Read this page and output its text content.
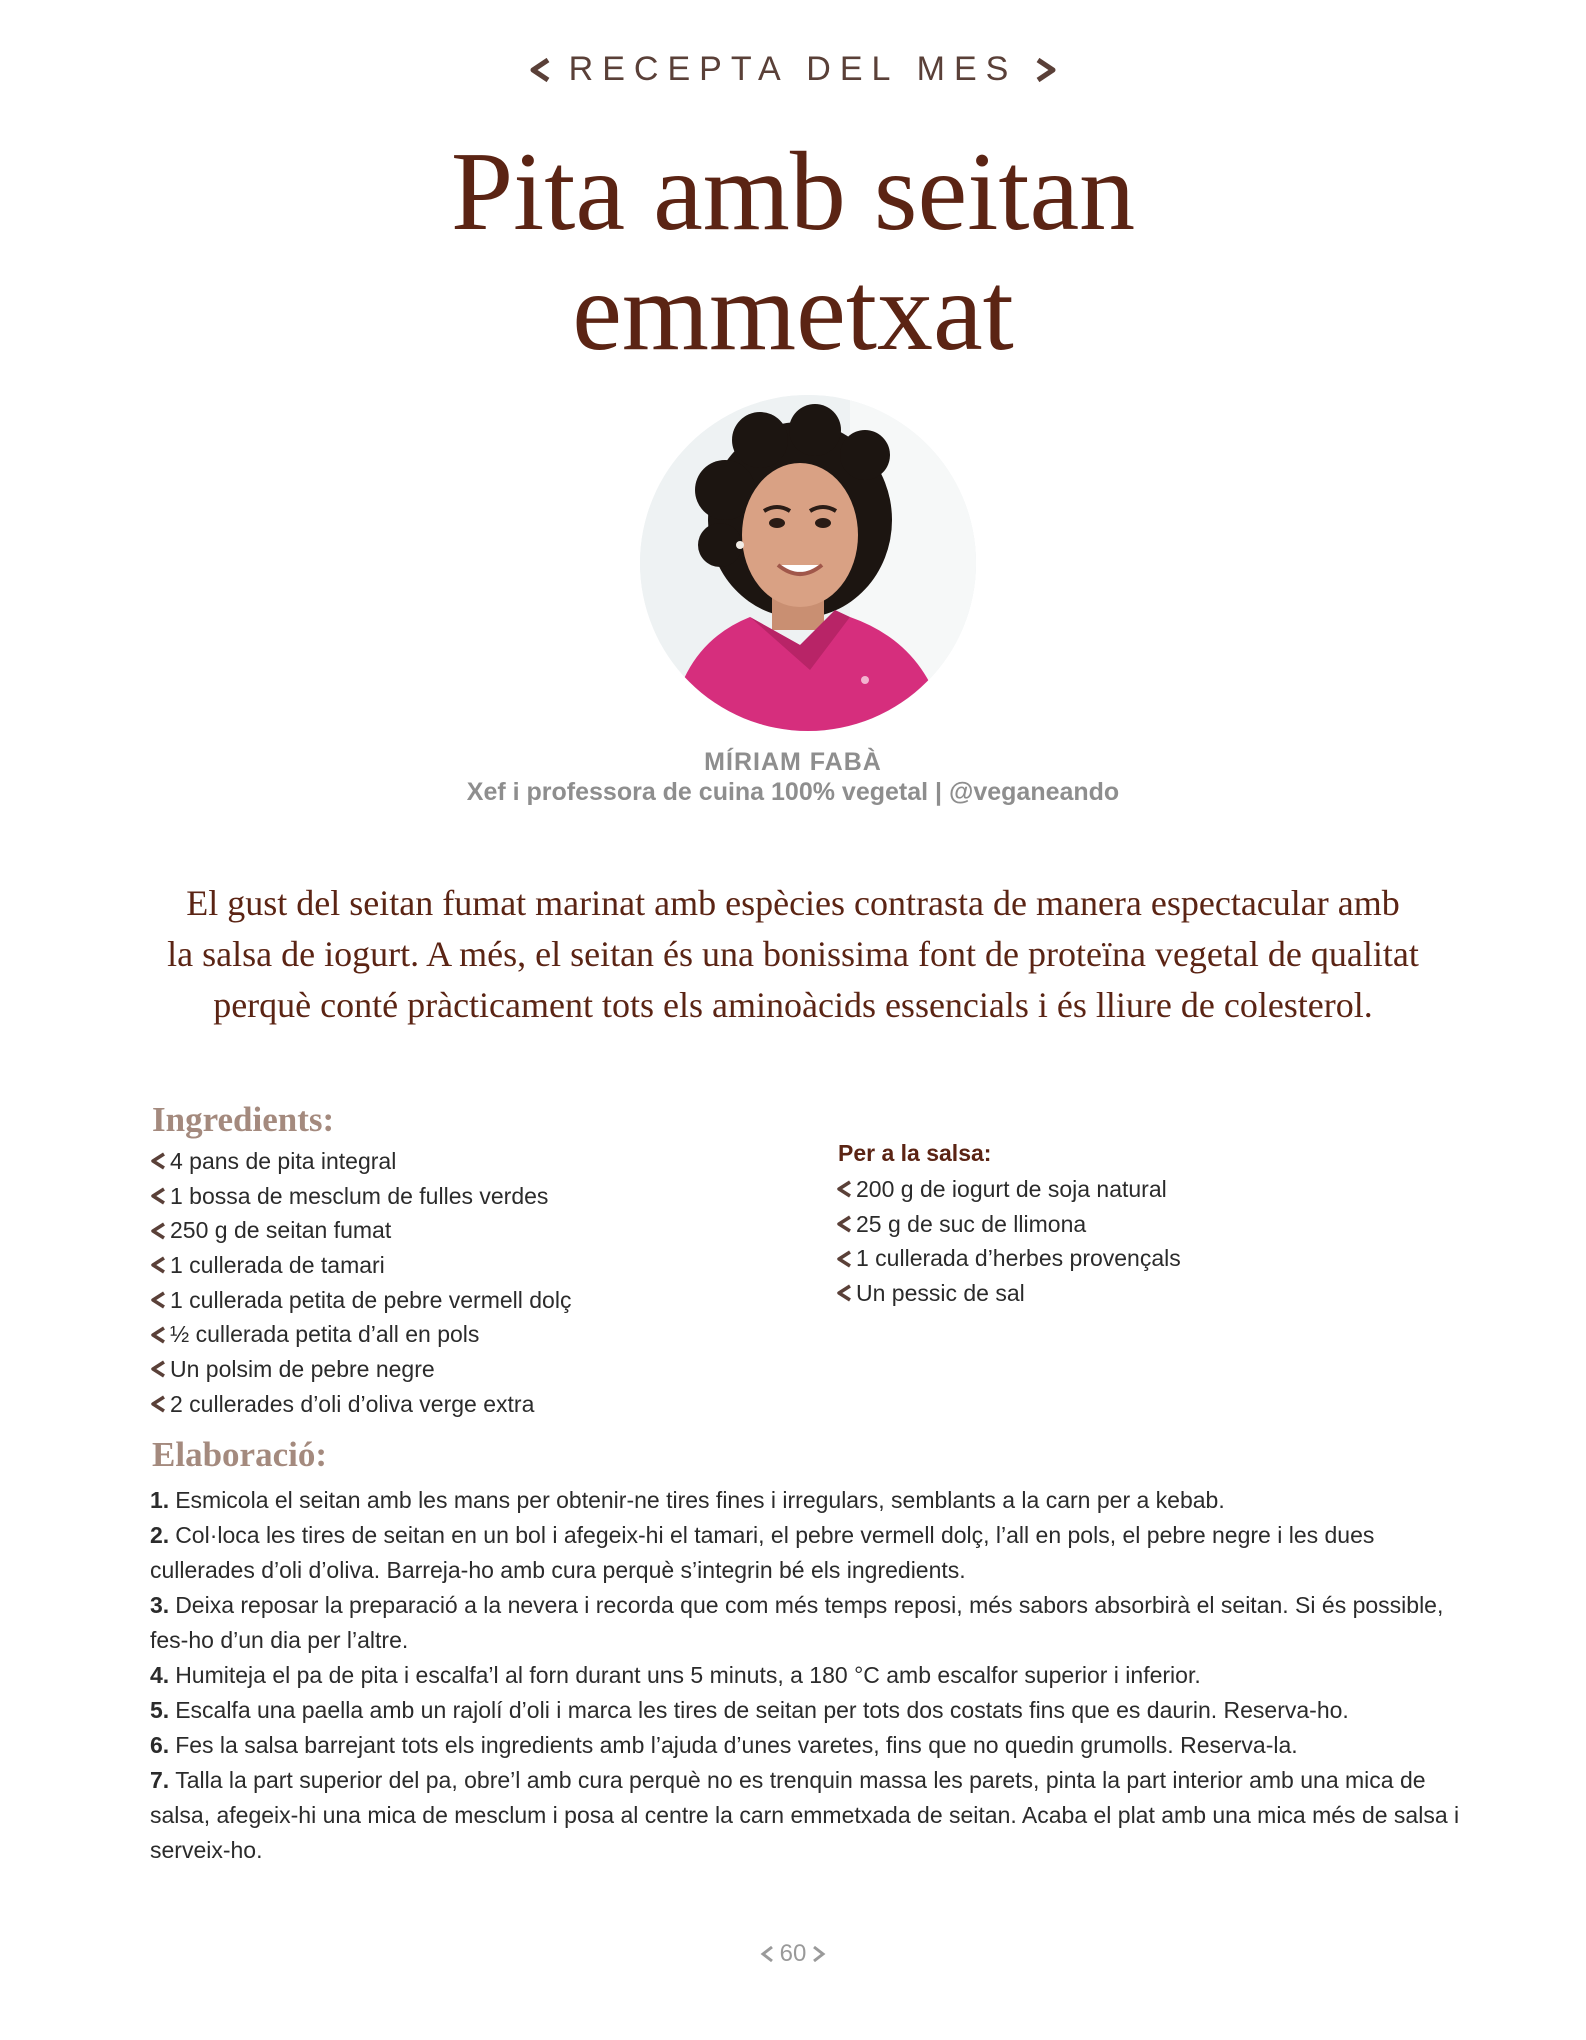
RECEPTA DEL MES
Pita amb seitan
emmetxat
MÍRIAM FABÀ
Xef i professora de cuina 100% vegetal | @veganeando

El gust del seitan fumat marinat amb espècies contrasta de manera espectacular amb
la salsa de iogurt. A més, el seitan és una bonissima font de proteïna vegetal de qualitat
perquè conté pràcticament tots els aminoàcids essencials i és lliure de colesterol.

Ingredients:
4 pans de pita integral
1 bossa de mesclum de fulles verdes
250 g de seitan fumat
1 cullerada de tamari
1 cullerada petita de pebre vermell dolç
½ cullerada petita d’all en pols
Un polsim de pebre negre
2 cullerades d’oli d’oliva verge extra
Per a la salsa:
200 g de iogurt de soja natural
25 g de suc de llimona
1 cullerada d’herbes provençals
Un pessic de sal
Elaboració:
1. Esmicola el seitan amb les mans per obtenir-ne tires fines i irregulars, semblants a la carn per a kebab.
2. Col·loca les tires de seitan en un bol i afegeix-hi el tamari, el pebre vermell dolç, l’all en pols, el pebre negre i les dues cullerades d’oli d’oliva. Barreja-ho amb cura perquè s’integrin bé els ingredients.
3. Deixa reposar la preparació a la nevera i recorda que com més temps reposi, més sabors absorbirà el seitan. Si és possible, fes-ho d’un dia per l’altre.
4. Humiteja el pa de pita i escalfa’l al forn durant uns 5 minuts, a 180 °C amb escalfor superior i inferior.
5. Escalfa una paella amb un rajolí d’oli i marca les tires de seitan per tots dos costats fins que es daurin. Reserva-ho.
6. Fes la salsa barrejant tots els ingredients amb l’ajuda d’unes varetes, fins que no quedin grumolls. Reserva-la.
7. Talla la part superior del pa, obre’l amb cura perquè no es trenquin massa les parets, pinta la part interior amb una mica de salsa, afegeix-hi una mica de mesclum i posa al centre la carn emmetxada de seitan. Acaba el plat amb una mica més de salsa i serveix-ho.
60
